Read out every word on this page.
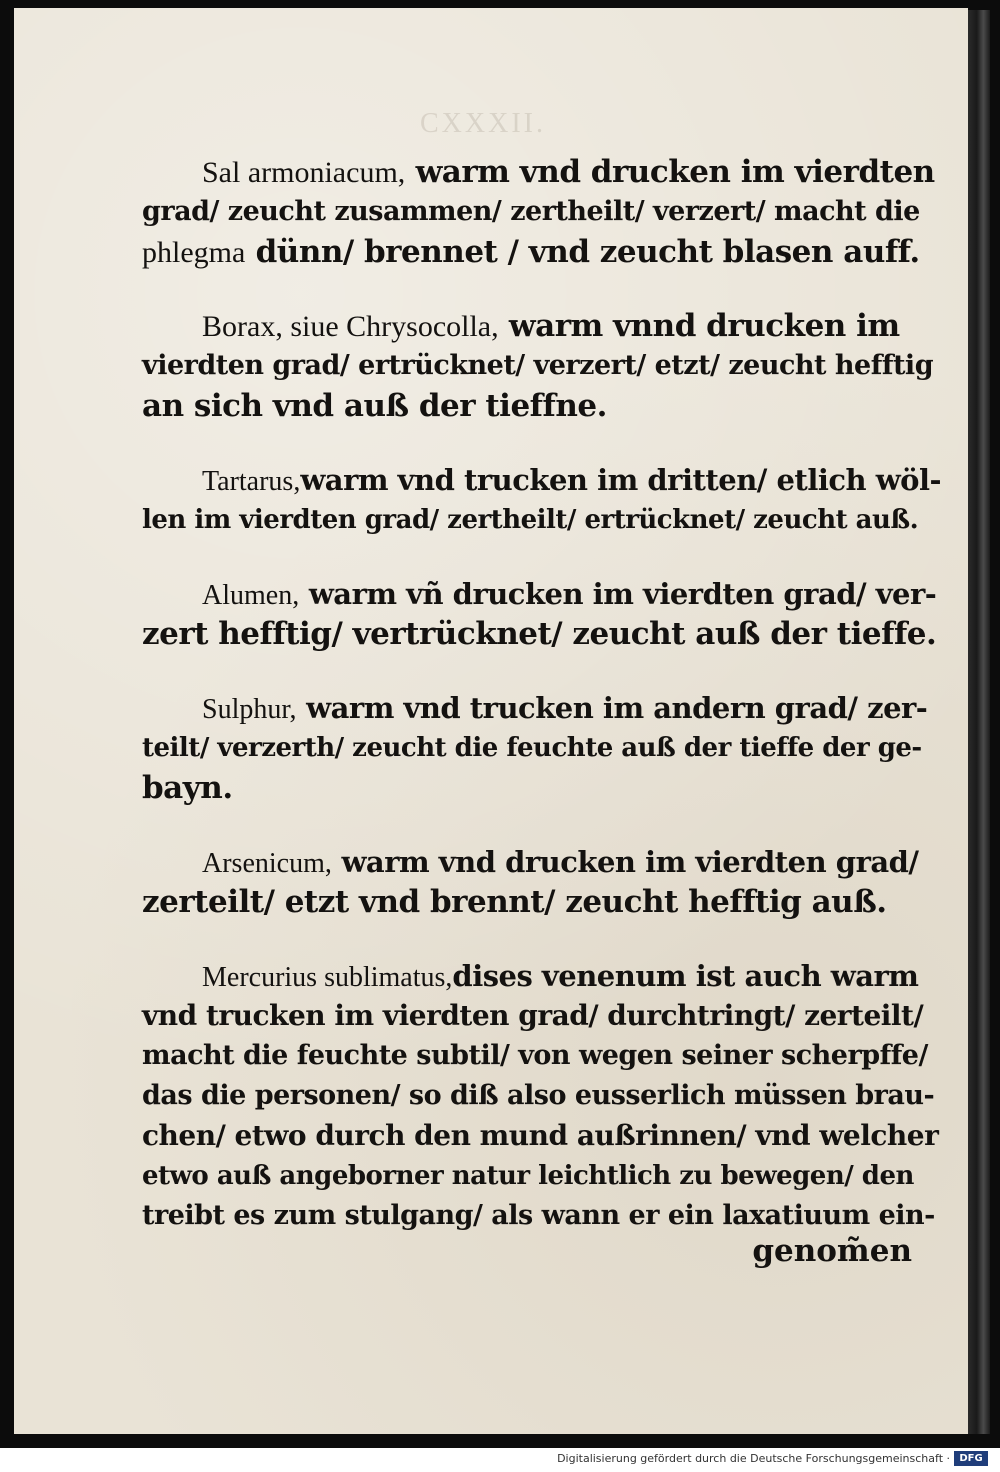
CXXXII.
Sal armoniacum, warm vnd drucken im vierdten
grad/ zeucht zusammen/ zertheilt/ verzert/ macht die
phlegma dünn/ brennet / vnd zeucht blasen auff.
Borax, siue Chrysocolla, warm vnnd drucken im
vierdten grad/ ertrücknet/ verzert/ etzt/ zeucht hefftig
an sich vnd auß der tieffne.
Tartarus,warm vnd trucken im dritten/ etlich wöl-
len im vierdten grad/ zertheilt/ ertrücknet/ zeucht auß.
Alumen, warm vñ drucken im vierdten grad/ ver-
zert hefftig/ vertrücknet/ zeucht auß der tieffe.
Sulphur, warm vnd trucken im andern grad/ zer-
teilt/ verzerth/ zeucht die feuchte auß der tieffe der ge-
bayn.
Arsenicum, warm vnd drucken im vierdten grad/
zerteilt/ etzt vnd brennt/ zeucht hefftig auß.
Mercurius sublimatus,dises venenum ist auch warm
vnd trucken im vierdten grad/ durchtringt/ zerteilt/
macht die feuchte subtil/ von wegen seiner scherpffe/
das die personen/ so diß also eusserlich müssen brau-
chen/ etwo durch den mund außrinnen/ vnd welcher
etwo auß angeborner natur leichtlich zu bewegen/ den
treibt es zum stulgang/ als wann er ein laxatiuum ein-
genom̃en
Digitalisierung gefördert durch die Deutsche Forschungsgemeinschaft · DFG
